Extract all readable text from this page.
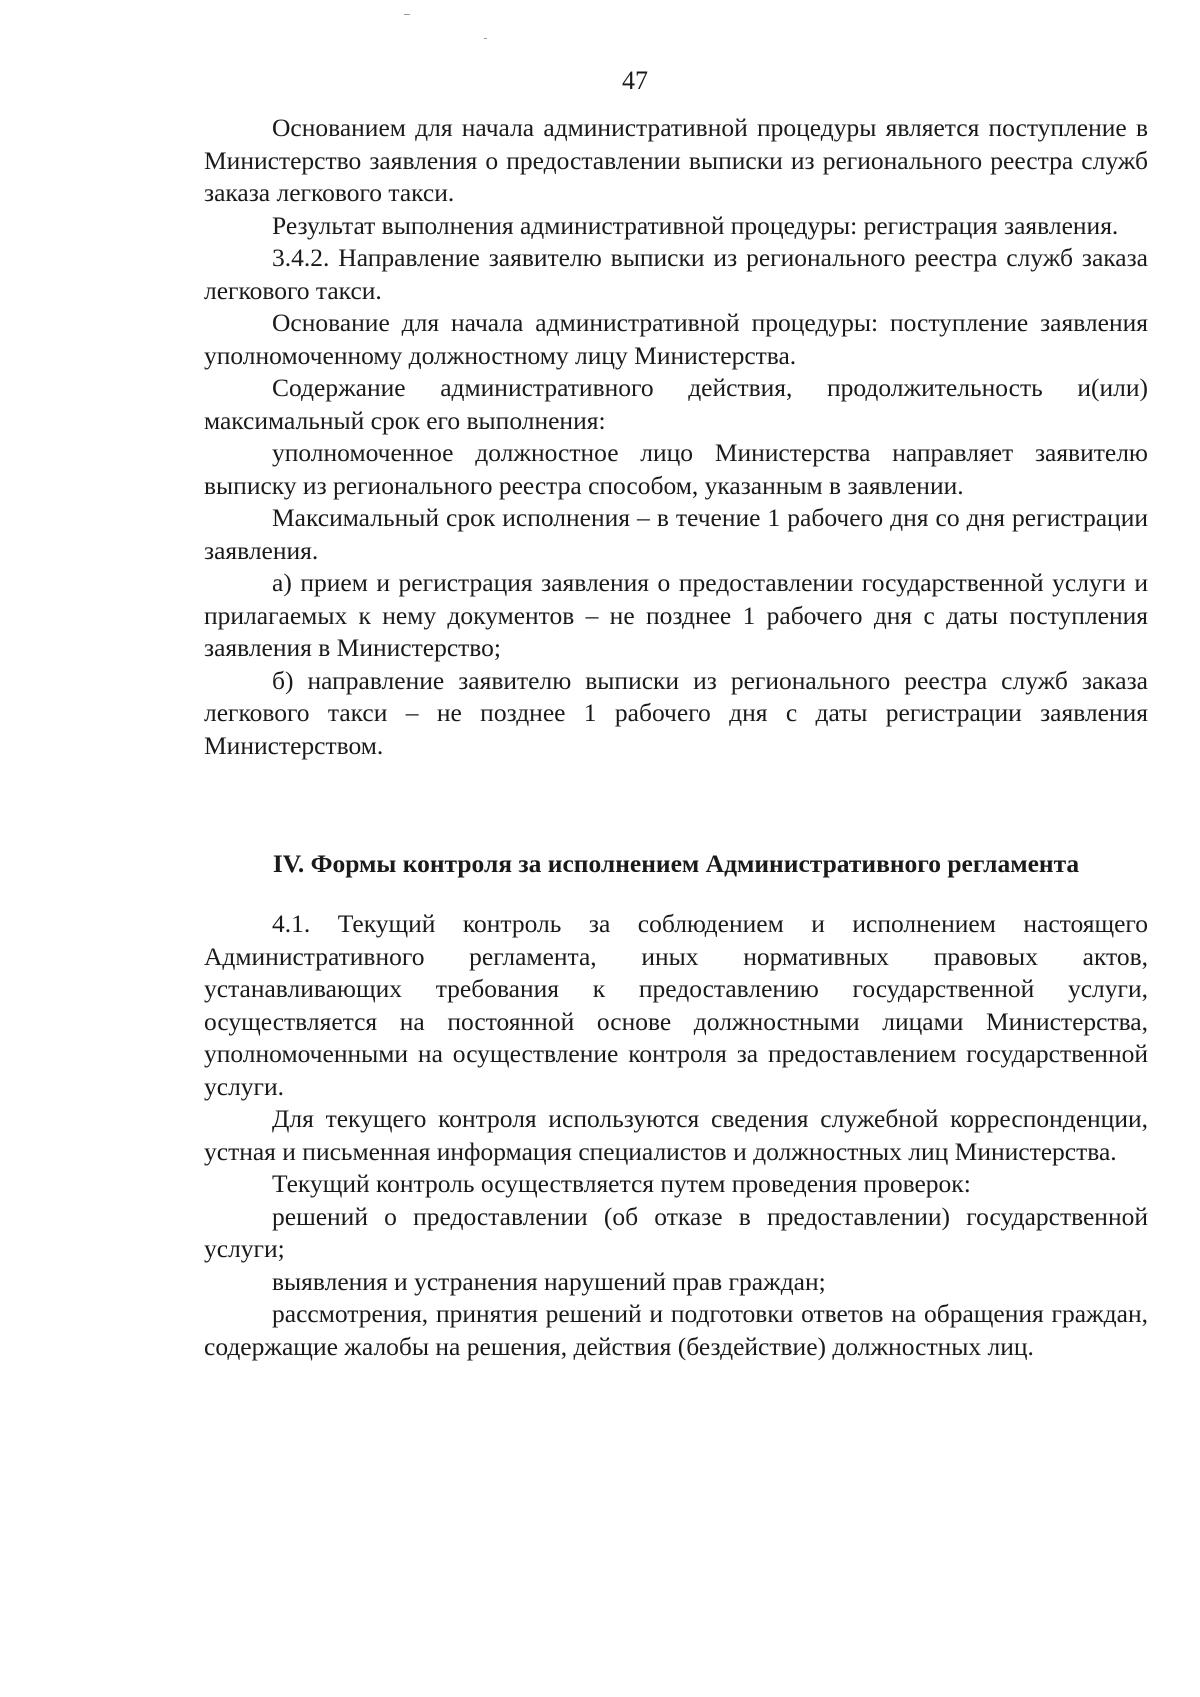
47

Основанием для начала административной процедуры является поступление в Министерство заявления о предоставлении выписки из регионального реестра служб заказа легкового такси.

Результат выполнения административной процедуры: регистрация заявления.

3.4.2. Направление заявителю выписки из регионального реестра служб заказа легкового такси.

Основание для начала административной процедуры: поступление заявления уполномоченному должностному лицу Министерства.

Содержание административного действия, продолжительность и(или) максимальный срок его выполнения:

уполномоченное должностное лицо Министерства направляет заявителю выписку из регионального реестра способом, указанным в заявлении.

Максимальный срок исполнения – в течение 1 рабочего дня со дня регистрации заявления.

а) прием и регистрация заявления о предоставлении государственной услуги и прилагаемых к нему документов – не позднее 1 рабочего дня с даты поступления заявления в Министерство;

б) направление заявителю выписки из регионального реестра служб заказа легкового такси – не позднее 1 рабочего дня с даты регистрации заявления Министерством.

IV. Формы контроля за исполнением Административного регламента

4.1. Текущий контроль за соблюдением и исполнением настоящего Административного регламента, иных нормативных правовых актов, устанавливающих требования к предоставлению государственной услуги, осуществляется на постоянной основе должностными лицами Министерства, уполномоченными на осуществление контроля за предоставлением государственной услуги.

Для текущего контроля используются сведения служебной корреспонденции, устная и письменная информация специалистов и должностных лиц Министерства.

Текущий контроль осуществляется путем проведения проверок:

решений о предоставлении (об отказе в предоставлении) государственной услуги;

выявления и устранения нарушений прав граждан;

рассмотрения, принятия решений и подготовки ответов на обращения граждан, содержащие жалобы на решения, действия (бездействие) должностных лиц.
